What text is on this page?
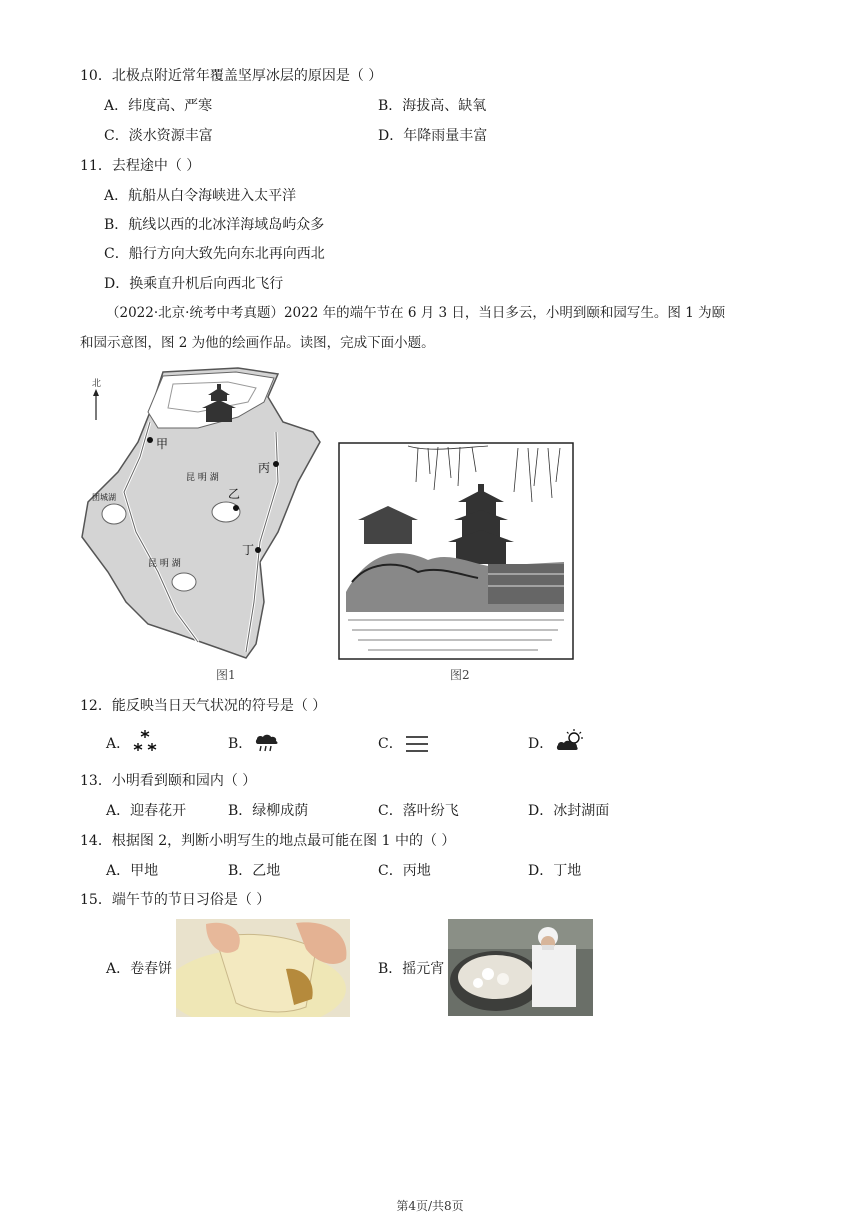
10．北极点附近常年覆盖坚厚冰层的原因是（ ）
A．纬度高、严寒	B．海拔高、缺氧
C．淡水资源丰富	D．年降雨量丰富
11．去程途中（ ）
A．航船从白令海峡进入太平洋
B．航线以西的北冰洋海域岛屿众多
C．船行方向大致先向东北再向西北
D．换乘直升机后向西北飞行
（2022·北京·统考中考真题）2022 年的端午节在 6 月 3 日，当日多云，小明到颐和园写生。图 1 为颐
和园示意图，图 2 为他的绘画作品。读图，完成下面小题。
北
甲
丙
乙
丁
昆 明 湖
团城湖
昆 明 湖
图1	图2
12．能反映当日天气状况的符号是（ ）
A．	B．	C．	D．
13．小明看到颐和园内（ ）
A．迎春花开	B．绿柳成荫	C．落叶纷飞	D．冰封湖面
14．根据图 2，判断小明写生的地点最可能在图 1 中的（ ）
A．甲地	B．乙地	C．丙地	D．丁地
15．端午节的节日习俗是（ ）
A．卷春饼	B．摇元宵
第4页/共8页
